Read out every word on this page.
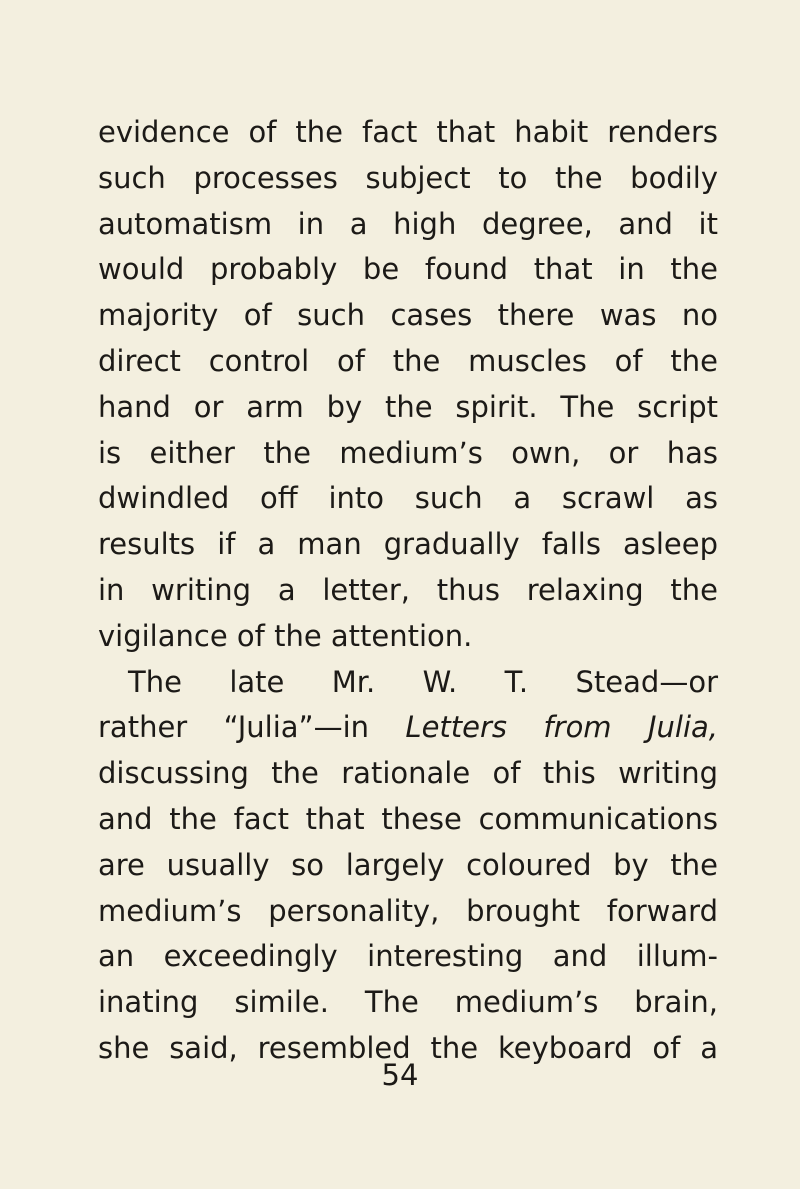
evidence of the fact that habit renders
such processes subject to the bodily
automatism in a high degree, and it
would probably be found that in the
majority of such cases there was no
direct control of the muscles of the
hand or arm by the spirit. The script
is either the medium’s own, or has
dwindled off into such a scrawl as
results if a man gradually falls asleep
in writing a letter, thus relaxing the
vigilance of the attention.
The late Mr. W. T. Stead—or
rather “Julia”—in Letters from Julia,
discussing the rationale of this writing
and the fact that these communications
are usually so largely coloured by the
medium’s personality, brought forward
an exceedingly interesting and illum-
inating simile. The medium’s brain,
she said, resembled the keyboard of a
54
